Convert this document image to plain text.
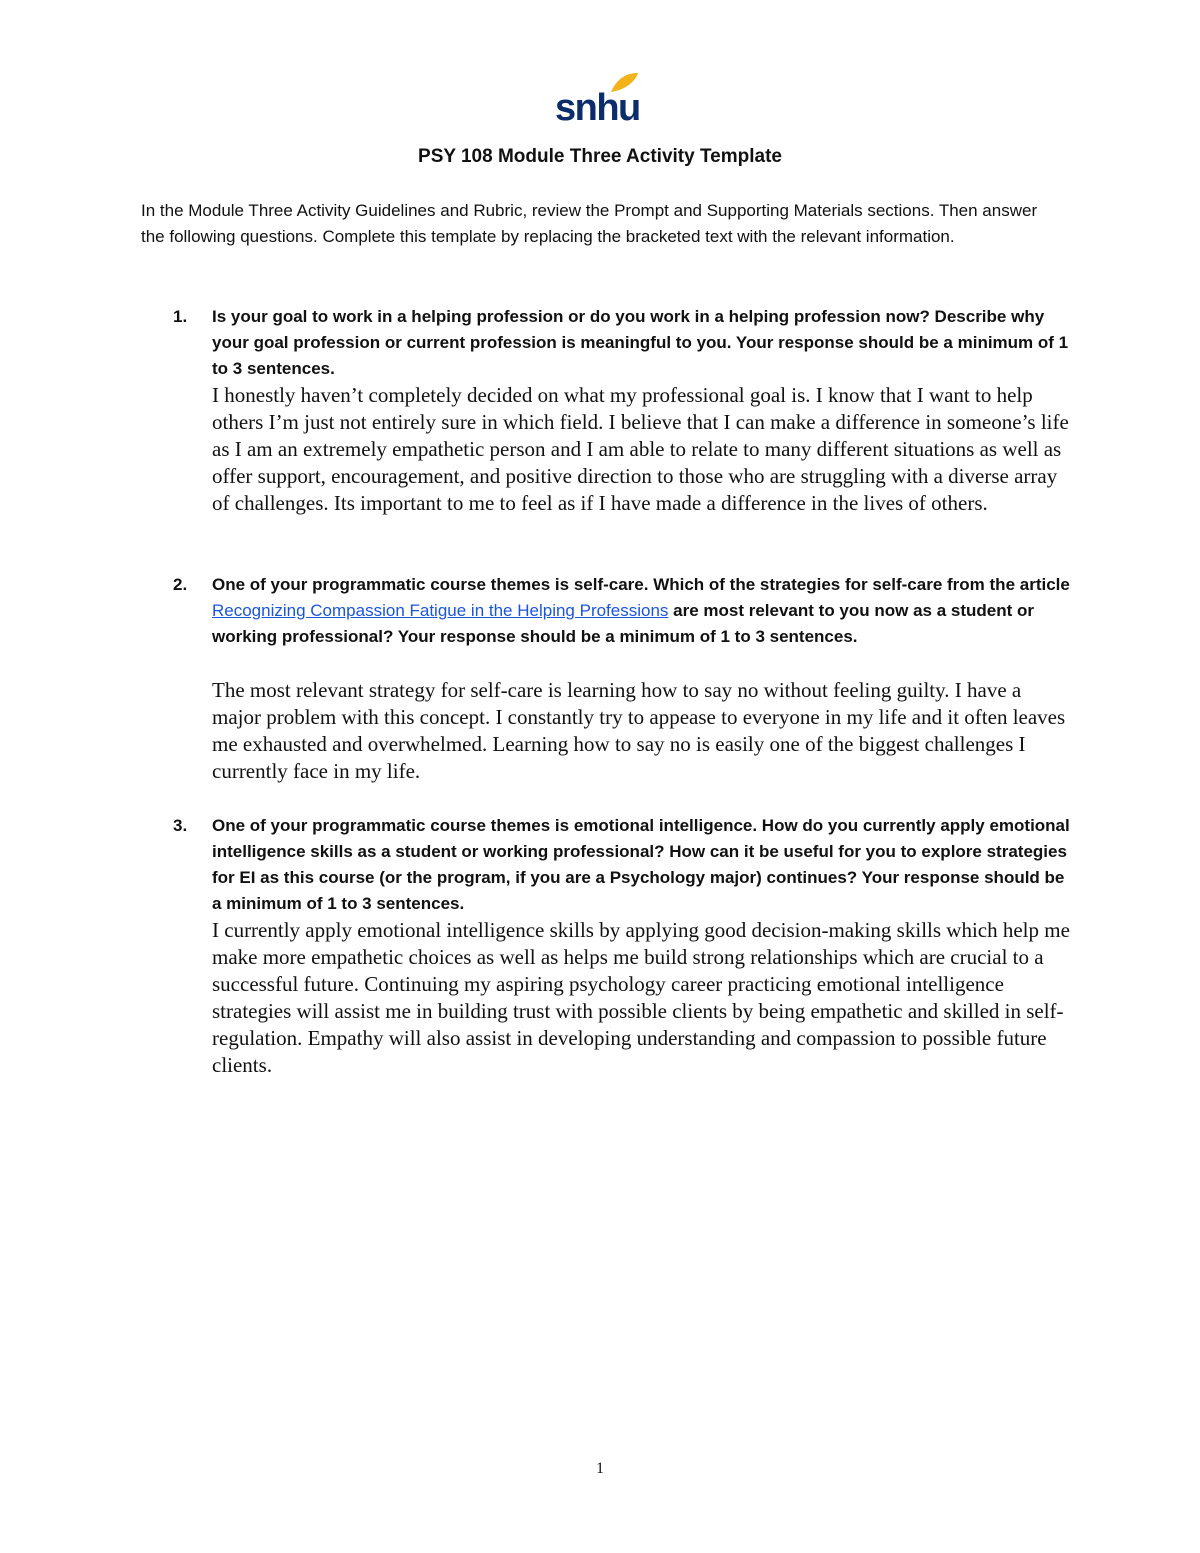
snhu
PSY 108 Module Three Activity Template
In the Module Three Activity Guidelines and Rubric, review the Prompt and Supporting Materials sections. Then answer the following questions. Complete this template by replacing the bracketed text with the relevant information.
1. Is your goal to work in a helping profession or do you work in a helping profession now? Describe why your goal profession or current profession is meaningful to you. Your response should be a minimum of 1 to 3 sentences.
I honestly haven’t completely decided on what my professional goal is. I know that I want to help others I’m just not entirely sure in which field. I believe that I can make a difference in someone’s life as I am an extremely empathetic person and I am able to relate to many different situations as well as offer support, encouragement, and positive direction to those who are struggling with a diverse array of challenges. Its important to me to feel as if I have made a difference in the lives of others.
2. One of your programmatic course themes is self-care. Which of the strategies for self-care from the article Recognizing Compassion Fatigue in the Helping Professions are most relevant to you now as a student or working professional? Your response should be a minimum of 1 to 3 sentences.
The most relevant strategy for self-care is learning how to say no without feeling guilty. I have a major problem with this concept. I constantly try to appease to everyone in my life and it often leaves me exhausted and overwhelmed. Learning how to say no is easily one of the biggest challenges I currently face in my life.
3. One of your programmatic course themes is emotional intelligence. How do you currently apply emotional intelligence skills as a student or working professional? How can it be useful for you to explore strategies for EI as this course (or the program, if you are a Psychology major) continues? Your response should be a minimum of 1 to 3 sentences.
I currently apply emotional intelligence skills by applying good decision-making skills which help me make more empathetic choices as well as helps me build strong relationships which are crucial to a successful future. Continuing my aspiring psychology career practicing emotional intelligence strategies will assist me in building trust with possible clients by being empathetic and skilled in self-regulation. Empathy will also assist in developing understanding and compassion to possible future clients.
1
